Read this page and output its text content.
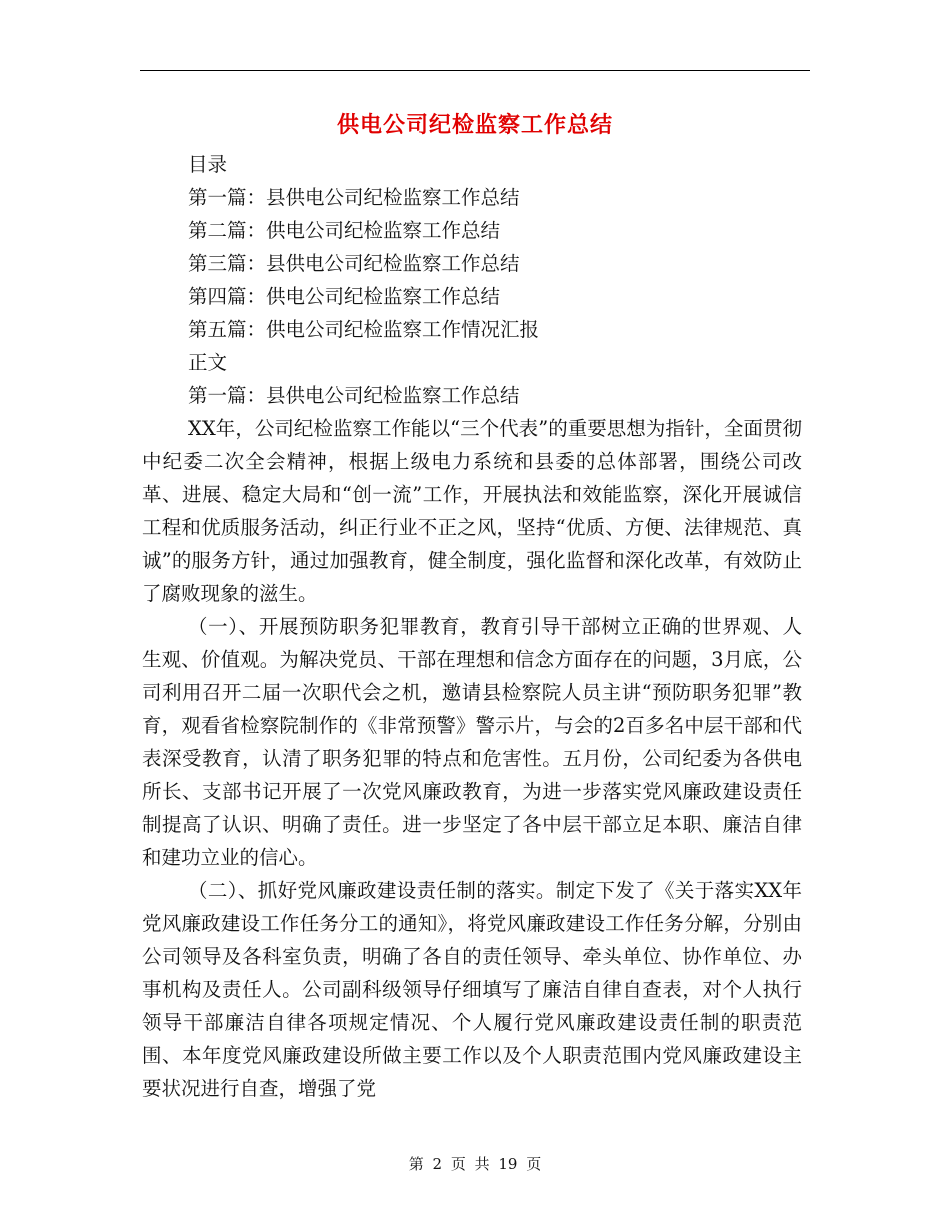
供电公司纪检监察工作总结
目录
第一篇：县供电公司纪检监察工作总结
第二篇：供电公司纪检监察工作总结
第三篇：县供电公司纪检监察工作总结
第四篇：供电公司纪检监察工作总结
第五篇：供电公司纪检监察工作情况汇报
正文
第一篇：县供电公司纪检监察工作总结

XX年，公司纪检监察工作能以“三个代表”的重要思想为指针，全面贯彻中纪委二次全会精神，根据上级电力系统和县委的总体部署，围绕公司改革、进展、稳定大局和“创一流”工作，开展执法和效能监察，深化开展诚信工程和优质服务活动，纠正行业不正之风，坚持“优质、方便、法律规范、真诚”的服务方针，通过加强教育，健全制度，强化监督和深化改革，有效防止了腐败现象的滋生。

（一）、开展预防职务犯罪教育，教育引导干部树立正确的世界观、人生观、价值观。为解决党员、干部在理想和信念方面存在的问题，3月底，公司利用召开二届一次职代会之机，邀请县检察院人员主讲“预防职务犯罪”教育，观看省检察院制作的《非常预警》警示片，与会的2百多名中层干部和代表深受教育，认清了职务犯罪的特点和危害性。五月份，公司纪委为各供电所长、支部书记开展了一次党风廉政教育，为进一步落实党风廉政建设责任制提高了认识、明确了责任。进一步坚定了各中层干部立足本职、廉洁自律和建功立业的信心。

（二）、抓好党风廉政建设责任制的落实。制定下发了《关于落实XX年党风廉政建设工作任务分工的通知》，将党风廉政建设工作任务分解，分别由公司领导及各科室负责，明确了各自的责任领导、牵头单位、协作单位、办事机构及责任人。公司副科级领导仔细填写了廉洁自律自查表，对个人执行领导干部廉洁自律各项规定情况、个人履行党风廉政建设责任制的职责范围、本年度党风廉政建设所做主要工作以及个人职责范围内党风廉政建设主要状况进行自查，增强了党

第 2 页 共 19 页
